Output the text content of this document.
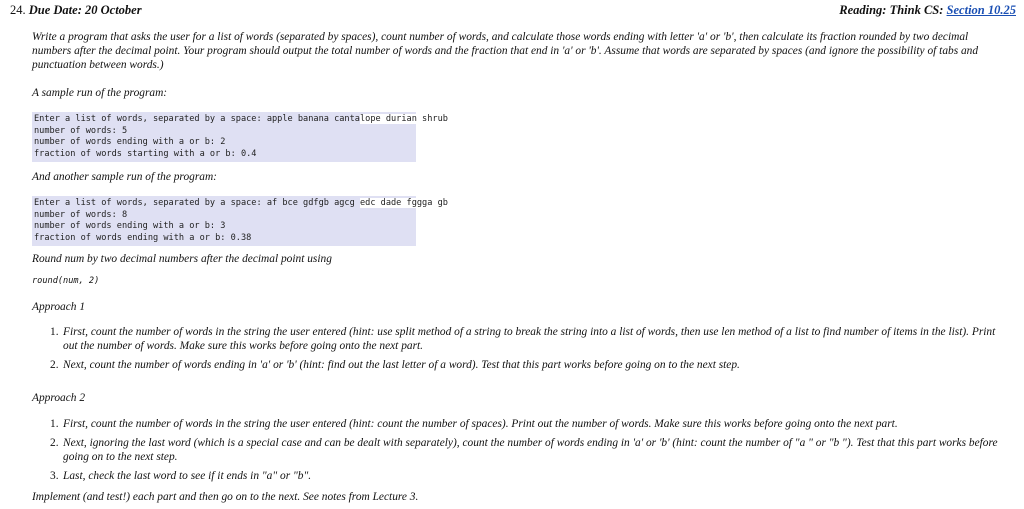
24. Due Date: 20 October	Reading: Think CS: Section 10.25
Write a program that asks the user for a list of words (separated by spaces), count number of words, and calculate those words ending with letter 'a' or 'b', then calculate its fraction rounded by two decimal numbers after the decimal point. Your program should output the total number of words and the fraction that end in 'a' or 'b'. Assume that words are separated by spaces (and ignore the possibility of tabs and punctuation between words.)
A sample run of the program:
Enter a list of words, separated by a space: apple banana cantalope durian shrub
number of words: 5
number of words ending with a or b: 2
fraction of words starting with a or b: 0.4
And another sample run of the program:
Enter a list of words, separated by a space: af bce gdfgb agcg edc dade fggga gb
number of words: 8
number of words ending with a or b: 3
fraction of words ending with a or b: 0.38
Round num by two decimal numbers after the decimal point using
round(num, 2)
Approach 1
1. First, count the number of words in the string the user entered (hint: use split method of a string to break the string into a list of words, then use len method of a list to find number of items in the list). Print out the number of words. Make sure this works before going onto the next part.
2. Next, count the number of words ending in 'a' or 'b' (hint: find out the last letter of a word). Test that this part works before going on to the next step.
Approach 2
1. First, count the number of words in the string the user entered (hint: count the number of spaces). Print out the number of words. Make sure this works before going onto the next part.
2. Next, ignoring the last word (which is a special case and can be dealt with separately), count the number of words ending in 'a' or 'b' (hint: count the number of "a " or "b "). Test that this part works before going on to the next step.
3. Last, check the last word to see if it ends in "a" or "b".
Implement (and test!) each part and then go on to the next. See notes from Lecture 3.
